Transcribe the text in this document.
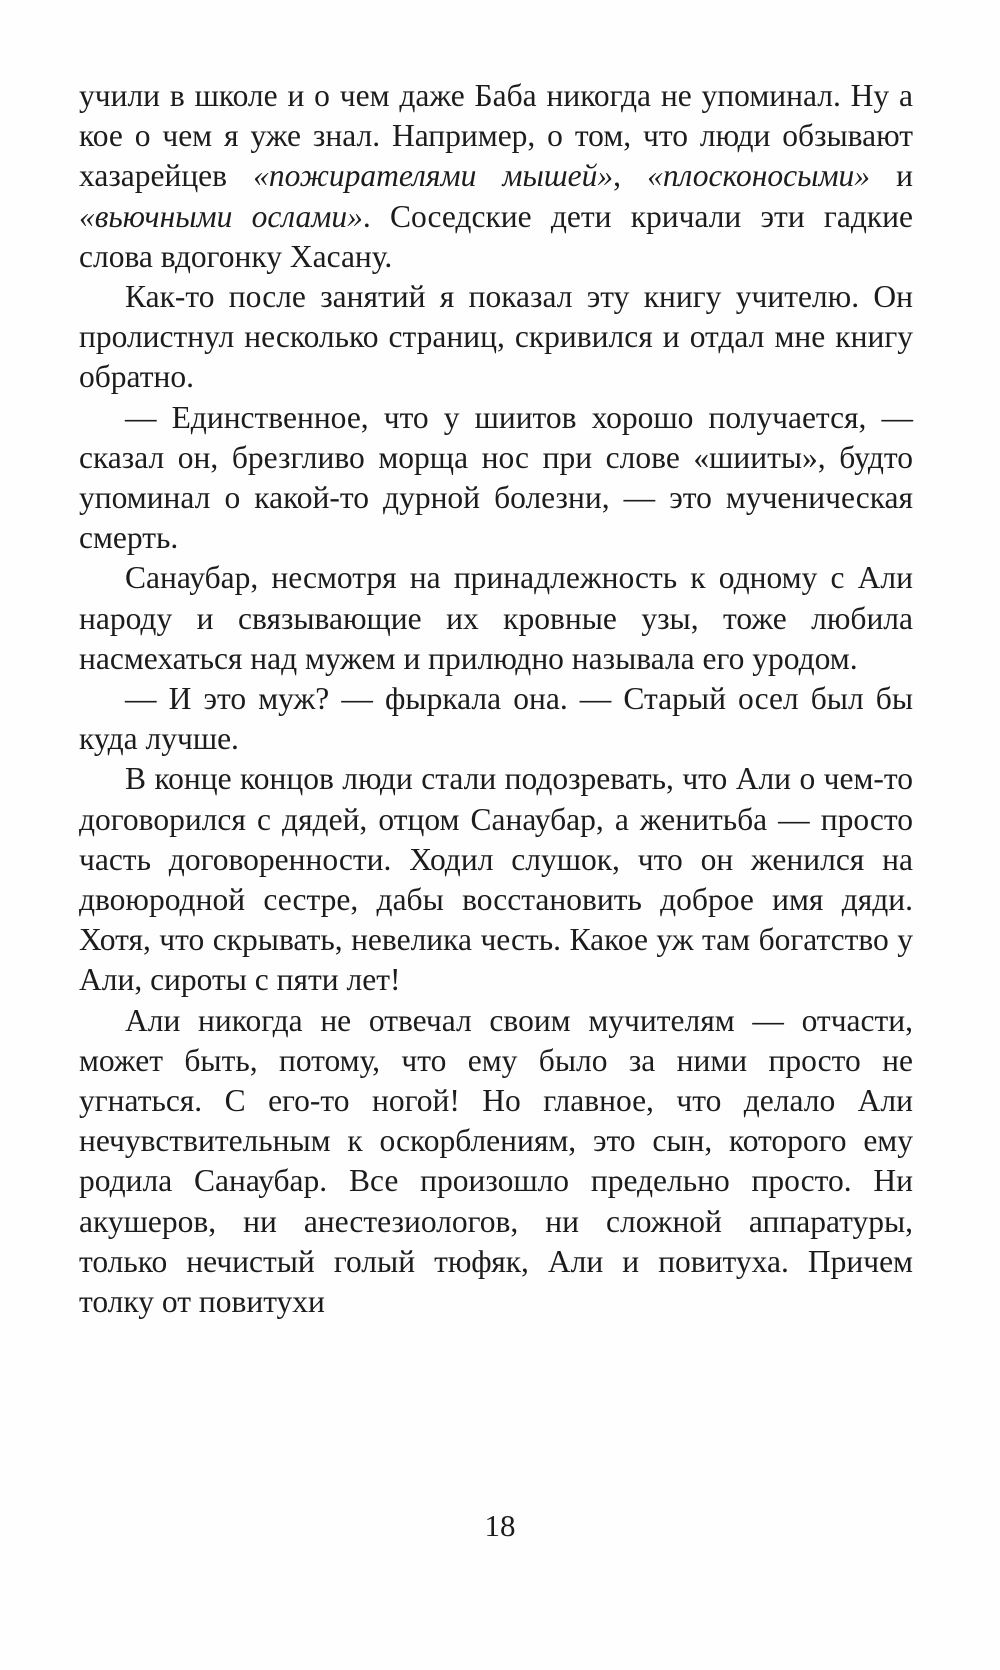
учили в школе и о чем даже Баба никогда не упоминал. Ну а кое о чем я уже знал. Например, о том, что люди обзывают хазарейцев «пожирателями мышей», «плосконосыми» и «вьючными ослами». Соседские дети кричали эти гадкие слова вдогонку Хасану.

Как-то после занятий я показал эту книгу учителю. Он пролистнул несколько страниц, скривился и отдал мне книгу обратно.

— Единственное, что у шиитов хорошо получается, — сказал он, брезгливо морща нос при слове «шииты», будто упоминал о какой-то дурной болезни, — это мученическая смерть.

Санаубар, несмотря на принадлежность к одному с Али народу и связывающие их кровные узы, тоже любила насмехаться над мужем и прилюдно называла его уродом.

— И это муж? — фыркала она. — Старый осел был бы куда лучше.

В конце концов люди стали подозревать, что Али о чем-то договорился с дядей, отцом Санаубар, а женитьба — просто часть договоренности. Ходил слушок, что он женился на двоюродной сестре, дабы восстановить доброе имя дяди. Хотя, что скрывать, невелика честь. Какое уж там богатство у Али, сироты с пяти лет!

Али никогда не отвечал своим мучителям — отчасти, может быть, потому, что ему было за ними просто не угнаться. С его-то ногой! Но главное, что делало Али нечувствительным к оскорблениям, это сын, которого ему родила Санаубар. Все произошло предельно просто. Ни акушеров, ни анестезиологов, ни сложной аппаратуры, только нечистый голый тюфяк, Али и повитуха. Причем толку от повитухи

18
